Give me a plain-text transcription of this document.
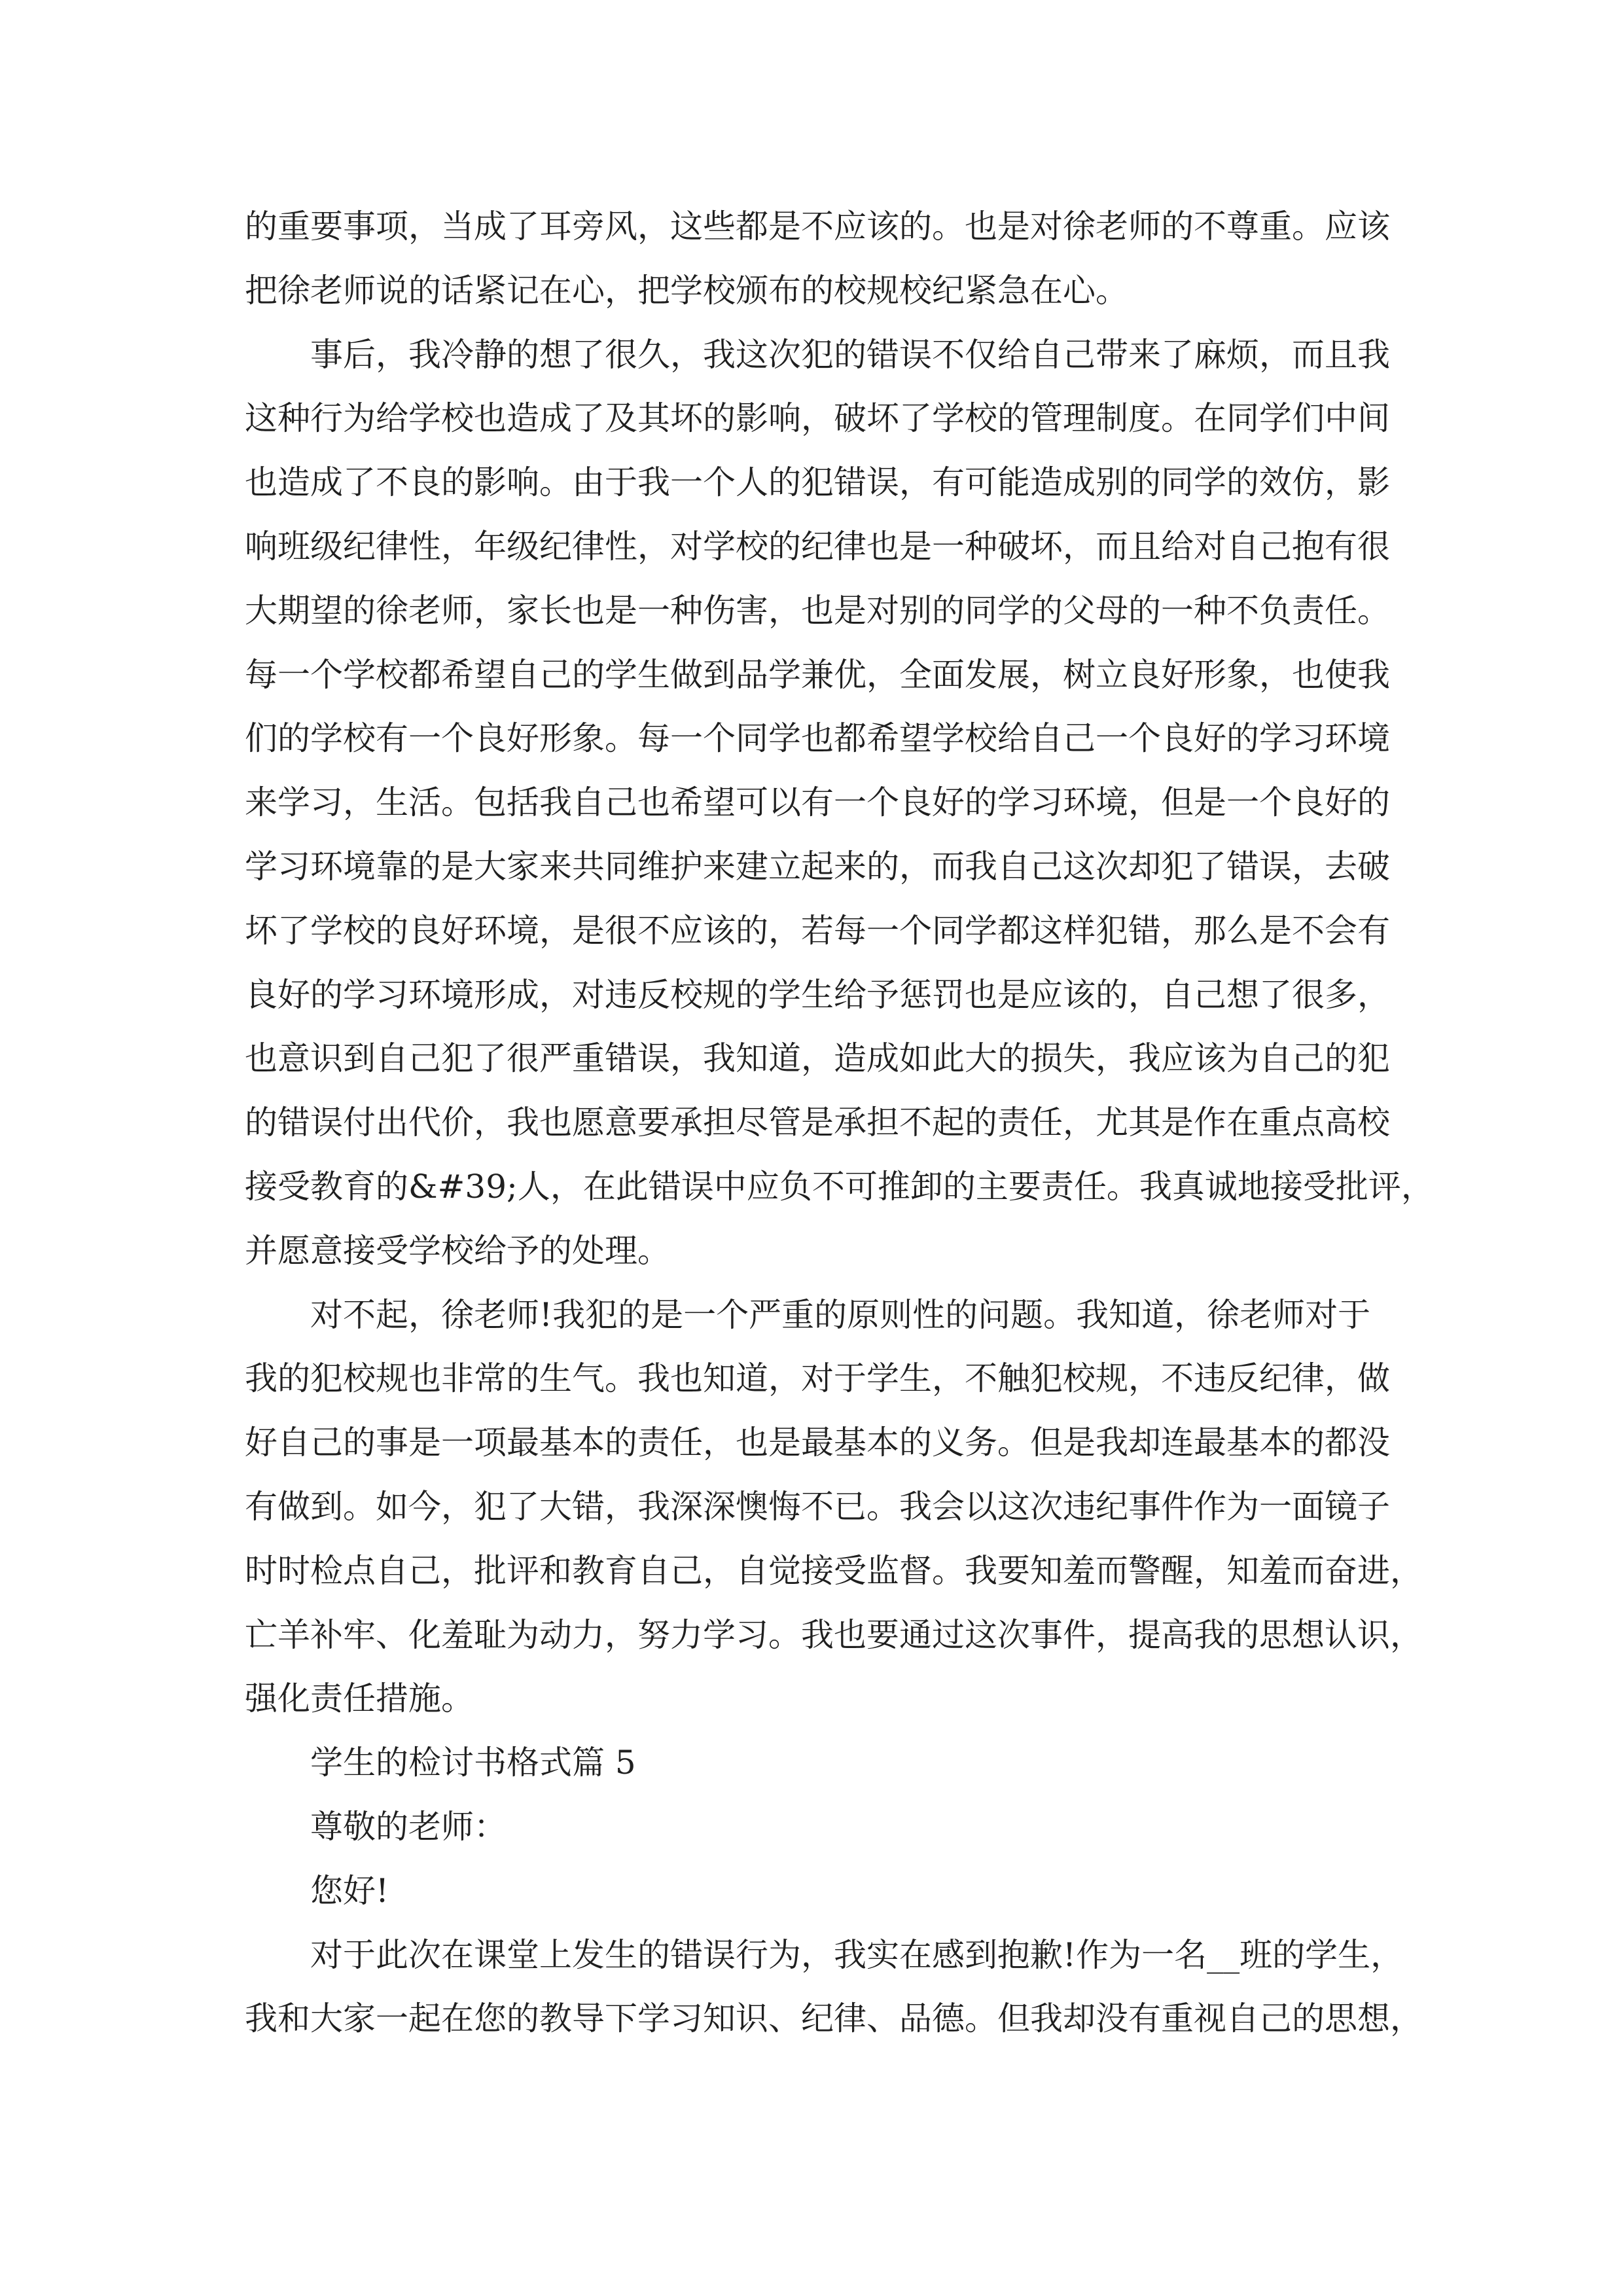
的重要事项，当成了耳旁风，这些都是不应该的。也是对徐老师的不尊重。应该
把徐老师说的话紧记在心，把学校颁布的校规校纪紧急在心。
事后，我冷静的想了很久，我这次犯的错误不仅给自己带来了麻烦，而且我
这种行为给学校也造成了及其坏的影响，破坏了学校的管理制度。在同学们中间
也造成了不良的影响。由于我一个人的犯错误，有可能造成别的同学的效仿，影
响班级纪律性，年级纪律性，对学校的纪律也是一种破坏，而且给对自己抱有很
大期望的徐老师，家长也是一种伤害，也是对别的同学的父母的一种不负责任。
每一个学校都希望自己的学生做到品学兼优，全面发展，树立良好形象，也使我
们的学校有一个良好形象。每一个同学也都希望学校给自己一个良好的学习环境
来学习，生活。包括我自己也希望可以有一个良好的学习环境，但是一个良好的
学习环境靠的是大家来共同维护来建立起来的，而我自己这次却犯了错误，去破
坏了学校的良好环境，是很不应该的，若每一个同学都这样犯错，那么是不会有
良好的学习环境形成，对违反校规的学生给予惩罚也是应该的，自己想了很多，
也意识到自己犯了很严重错误，我知道，造成如此大的损失，我应该为自己的犯
的错误付出代价，我也愿意要承担尽管是承担不起的责任，尤其是作在重点高校
接受教育的&#39;人，在此错误中应负不可推卸的主要责任。我真诚地接受批评，
并愿意接受学校给予的处理。
对不起，徐老师!我犯的是一个严重的原则性的问题。我知道，徐老师对于
我的犯校规也非常的生气。我也知道，对于学生，不触犯校规，不违反纪律，做
好自己的事是一项最基本的责任，也是最基本的义务。但是我却连最基本的都没
有做到。如今，犯了大错，我深深懊悔不已。我会以这次违纪事件作为一面镜子
时时检点自己，批评和教育自己，自觉接受监督。我要知羞而警醒，知羞而奋进，
亡羊补牢、化羞耻为动力，努力学习。我也要通过这次事件，提高我的思想认识，
强化责任措施。
学生的检讨书格式篇 5
尊敬的老师：
您好!
对于此次在课堂上发生的错误行为，我实在感到抱歉!作为一名__班的学生，
我和大家一起在您的教导下学习知识、纪律、品德。但我却没有重视自己的思想，
